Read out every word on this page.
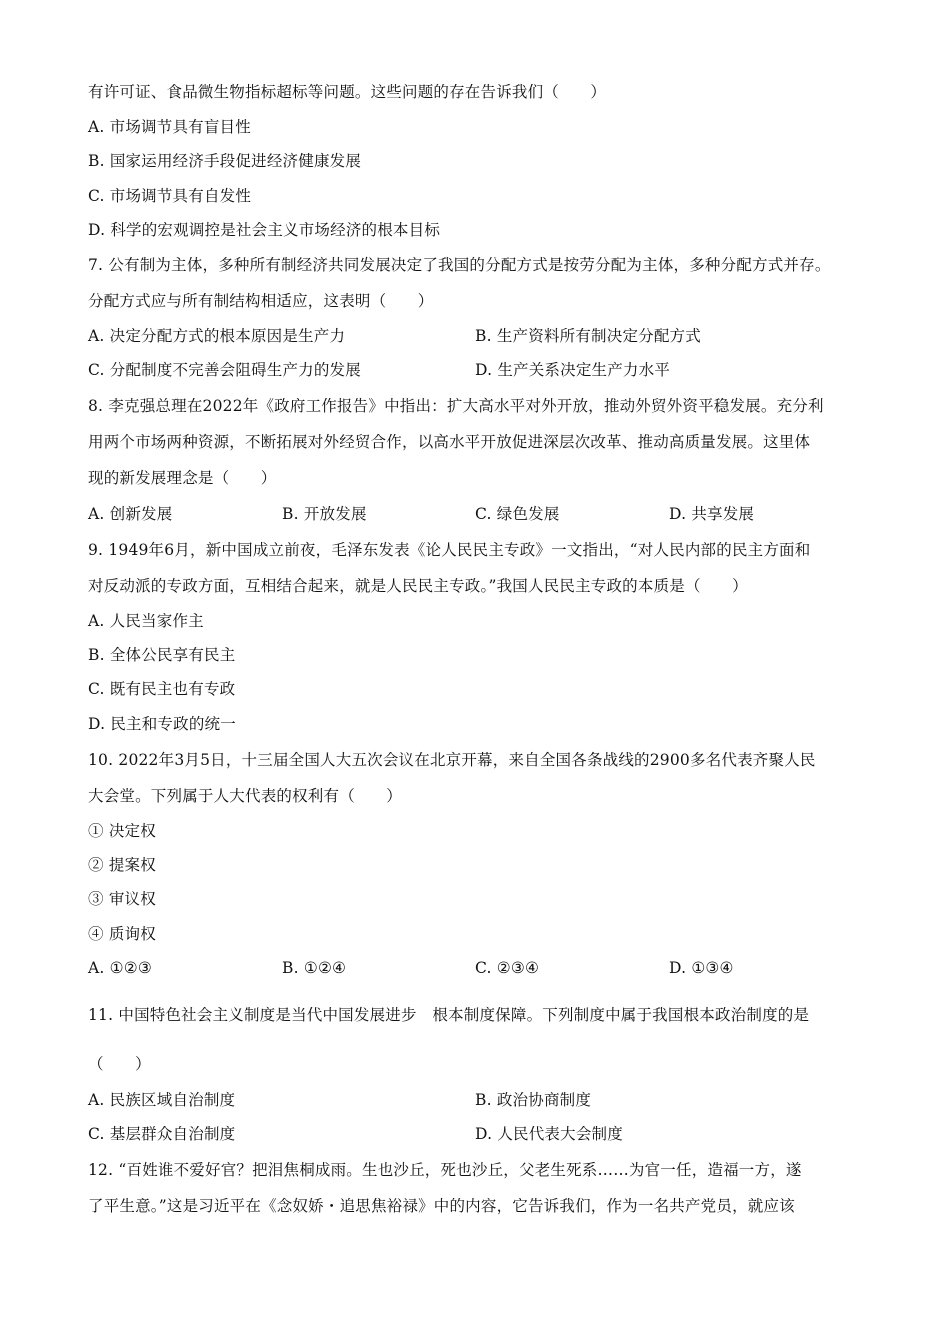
有许可证、食品微生物指标超标等问题。这些问题的存在告诉我们（　　）
A. 市场调节具有盲目性
B. 国家运用经济手段促进经济健康发展
C. 市场调节具有自发性
D. 科学的宏观调控是社会主义市场经济的根本目标
7. 公有制为主体，多种所有制经济共同发展决定了我国的分配方式是按劳分配为主体，多种分配方式并存。
分配方式应与所有制结构相适应，这表明（　　）
A. 决定分配方式的根本原因是生产力	B. 生产资料所有制决定分配方式
C. 分配制度不完善会阻碍生产力的发展	D. 生产关系决定生产力水平
8. 李克强总理在2022年《政府工作报告》中指出：扩大高水平对外开放，推动外贸外资平稳发展。充分利
用两个市场两种资源，不断拓展对外经贸合作，以高水平开放促进深层次改革、推动高质量发展。这里体
现的新发展理念是（　　）
A. 创新发展	B. 开放发展	C. 绿色发展	D. 共享发展
9. 1949年6月，新中国成立前夜，毛泽东发表《论人民民主专政》一文指出，“对人民内部的民主方面和
对反动派的专政方面，互相结合起来，就是人民民主专政。”我国人民民主专政的本质是（　　）
A. 人民当家作主
B. 全体公民享有民主
C. 既有民主也有专政
D. 民主和专政的统一
10. 2022年3月5日，十三届全国人大五次会议在北京开幕，来自全国各条战线的2900多名代表齐聚人民
大会堂。下列属于人大代表的权利有（　　）
① 决定权
② 提案权
③ 审议权
④ 质询权
A. ①②③	B. ①②④	C. ②③④	D. ①③④
11. 中国特色社会主义制度是当代中国发展进步　根本制度保障。下列制度中属于我国根本政治制度的是
（　　）
A. 民族区域自治制度	B. 政治协商制度
C. 基层群众自治制度	D. 人民代表大会制度
12. “百姓谁不爱好官？把泪焦桐成雨。生也沙丘，死也沙丘，父老生死系……为官一任，造福一方，遂
了平生意。”这是习近平在《念奴娇・追思焦裕禄》中的内容，它告诉我们，作为一名共产党员，就应该
